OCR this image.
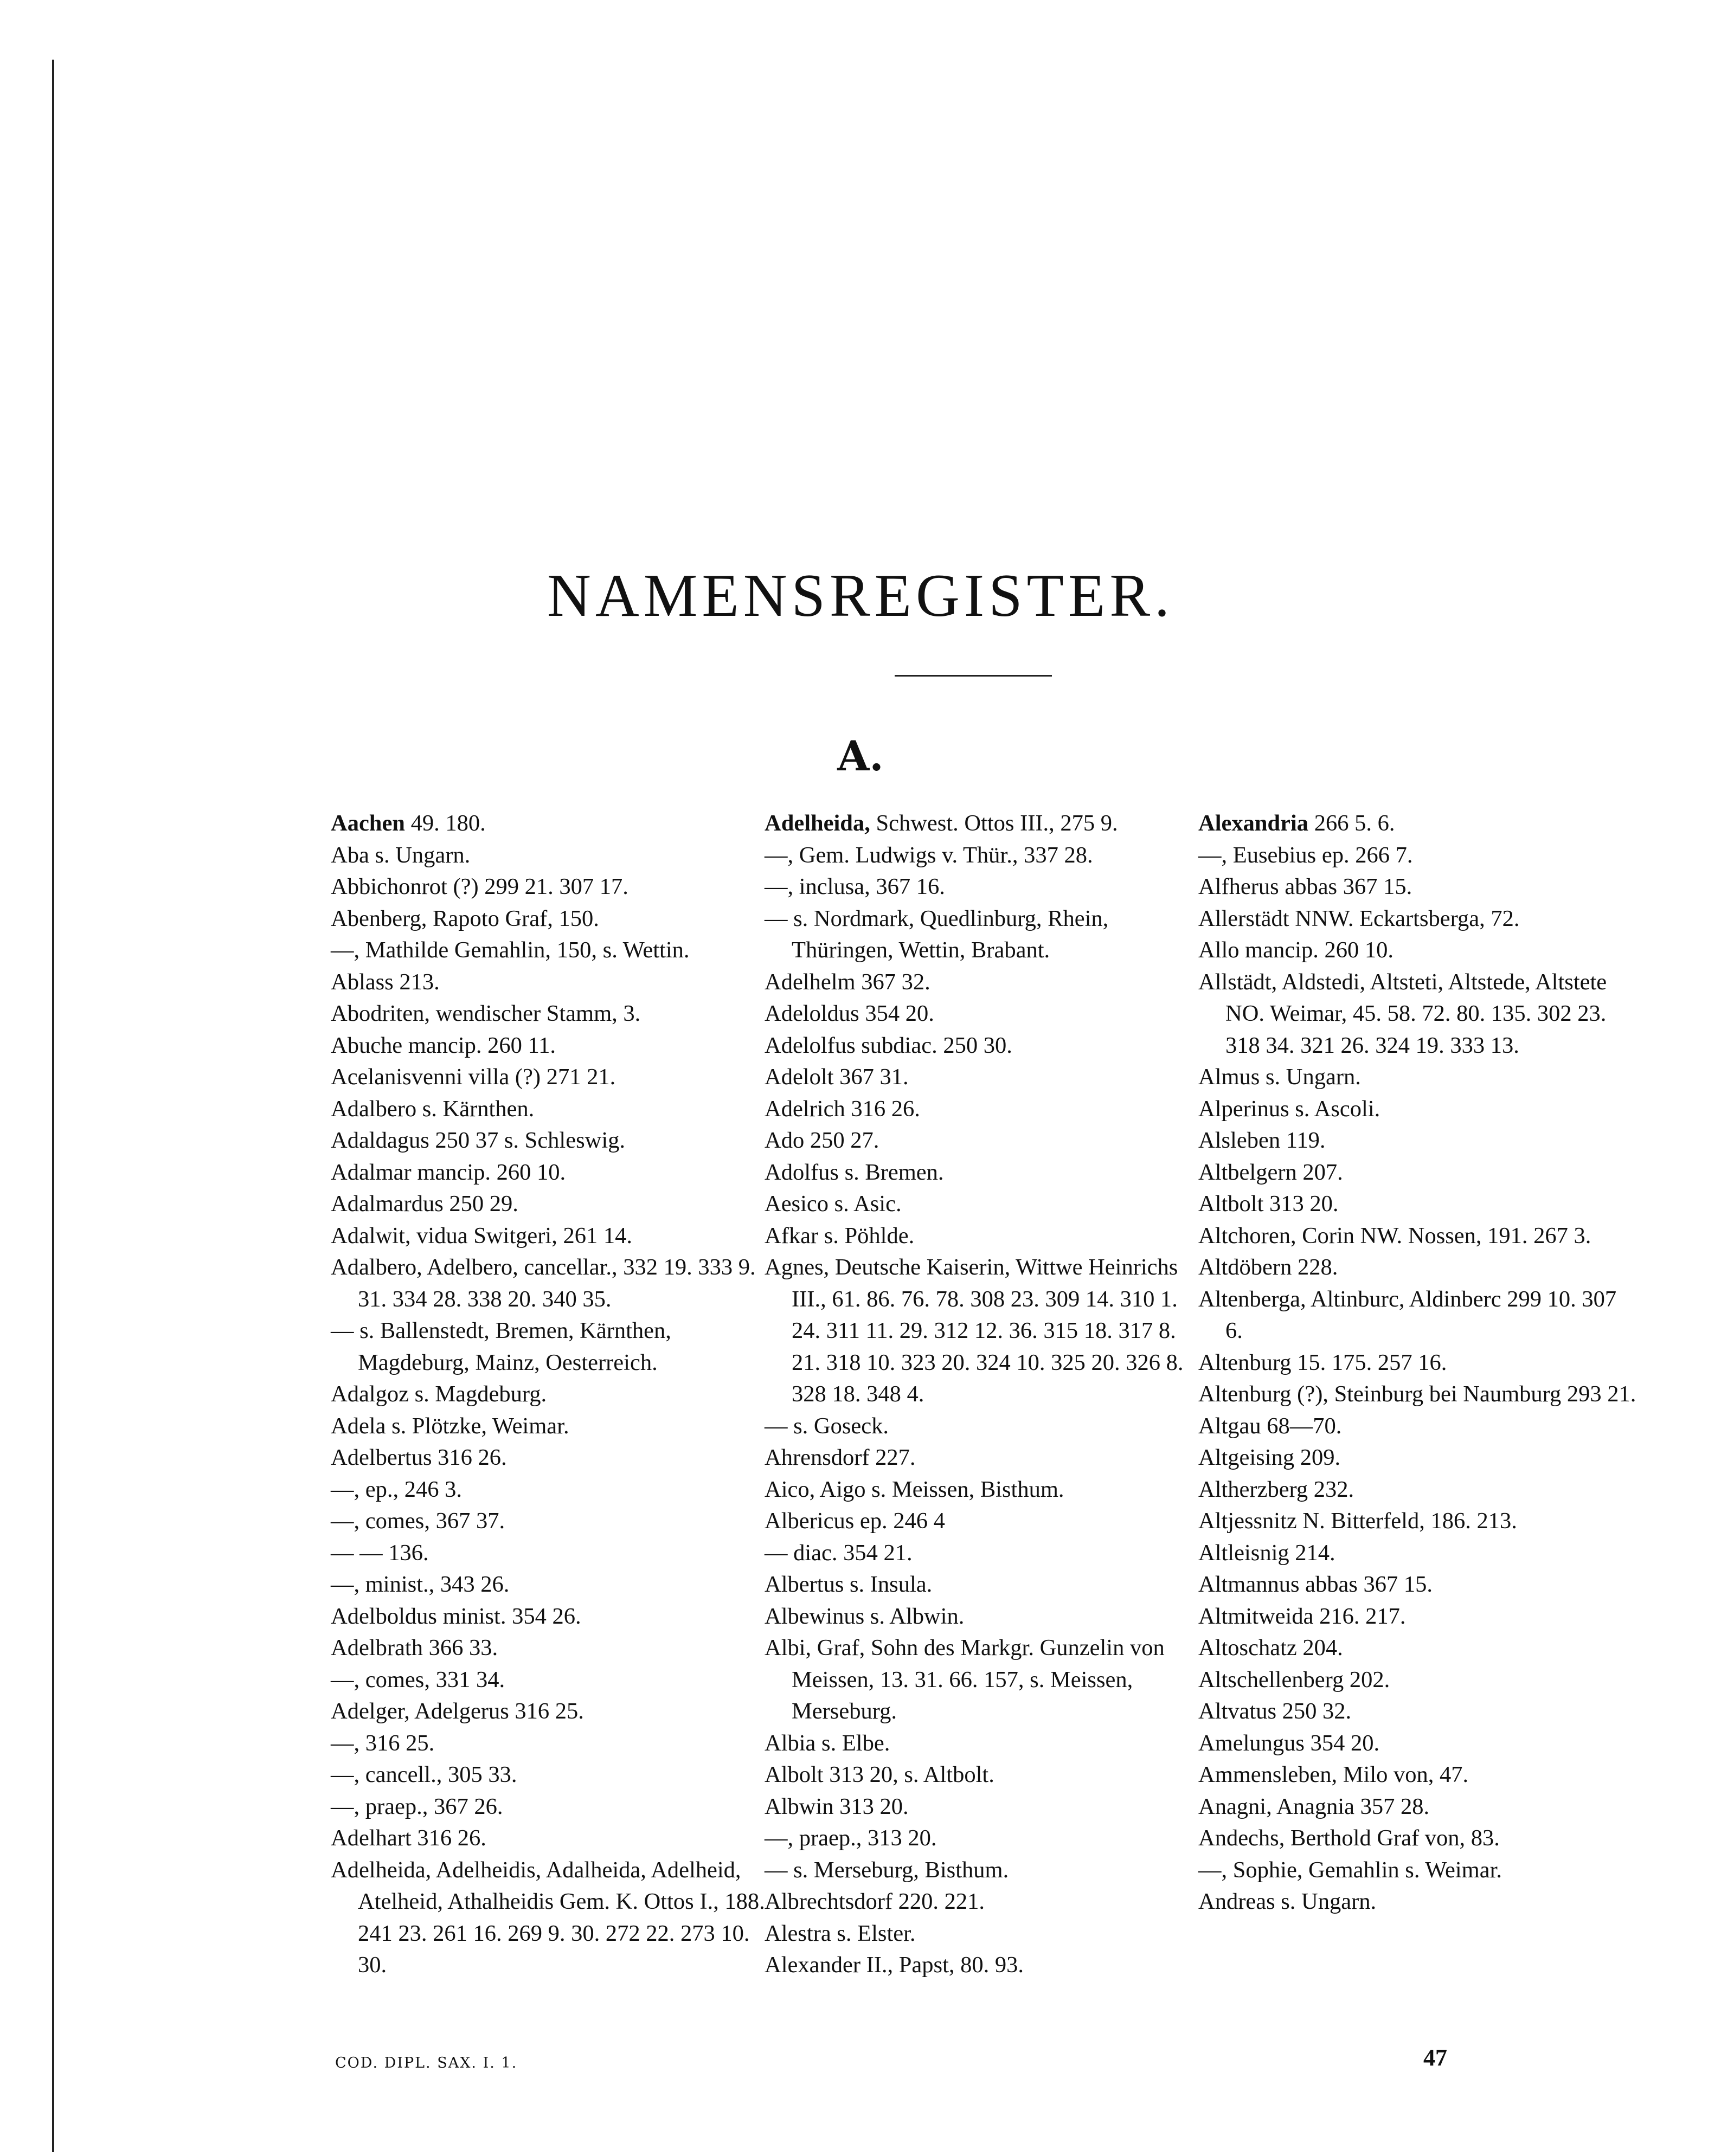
NAMENSREGISTER.
A.
Aachen 49. 180.
Aba s. Ungarn.
Abbichonrot (?) 299 21. 307 17.
Abenberg, Rapoto Graf, 150.
—, Mathilde Gemahlin, 150, s. Wettin.
Ablass 213.
Abodriten, wendischer Stamm, 3.
Abuche mancip. 260 11.
Acelanisvenni villa (?) 271 21.
Adalbero s. Kärnthen.
Adaldagus 250 37 s. Schleswig.
Adalmar mancip. 260 10.
Adalmardus 250 29.
Adalwit, vidua Switgeri, 261 14.
Adalbero, Adelbero, cancellar., 332 19. 333 9. 31. 334 28. 338 20. 340 35.
— s. Ballenstedt, Bremen, Kärnthen, Magdeburg, Mainz, Oesterreich.
Adalgoz s. Magdeburg.
Adela s. Plötzke, Weimar.
Adelbertus 316 26.
—, ep., 246 3.
—, comes, 367 37.
— — 136.
—, minist., 343 26.
Adelboldus minist. 354 26.
Adelbrath 366 33.
—, comes, 331 34.
Adelger, Adelgerus 316 25.
—, 316 25.
—, cancell., 305 33.
—, praep., 367 26.
Adelhart 316 26.
Adelheida, Adelheidis, Adalheida, Adelheid, Atelheid, Athalheidis Gem. K. Ottos I., 188. 241 23. 261 16. 269 9. 30. 272 22. 273 10. 30.
Adelheida, Schwest. Ottos III., 275 9.
—, Gem. Ludwigs v. Thür., 337 28.
—, inclusa, 367 16.
— s. Nordmark, Quedlinburg, Rhein, Thüringen, Wettin, Brabant.
Adelhelm 367 32.
Adeloldus 354 20.
Adelolfus subdiac. 250 30.
Adelolt 367 31.
Adelrich 316 26.
Ado 250 27.
Adolfus s. Bremen.
Aesico s. Asic.
Afkar s. Pöhlde.
Agnes, Deutsche Kaiserin, Wittwe Heinrichs III., 61. 86. 76. 78. 308 23. 309 14. 310 1. 24. 311 11. 29. 312 12. 36. 315 18. 317 8. 21. 318 10. 323 20. 324 10. 325 20. 326 8. 328 18. 348 4.
— s. Goseck.
Ahrensdorf 227.
Aico, Aigo s. Meissen, Bisthum.
Albericus ep. 246 4
— diac. 354 21.
Albertus s. Insula.
Albewinus s. Albwin.
Albi, Graf, Sohn des Markgr. Gunzelin von Meissen, 13. 31. 66. 157, s. Meissen, Merseburg.
Albia s. Elbe.
Albolt 313 20, s. Altbolt.
Albwin 313 20.
—, praep., 313 20.
— s. Merseburg, Bisthum.
Albrechtsdorf 220. 221.
Alestra s. Elster.
Alexander II., Papst, 80. 93.
Alexandria 266 5. 6.
—, Eusebius ep. 266 7.
Alfherus abbas 367 15.
Allerstädt NNW. Eckartsberga, 72.
Allo mancip. 260 10.
Allstädt, Aldstedi, Altsteti, Altstede, Altstete NO. Weimar, 45. 58. 72. 80. 135. 302 23. 318 34. 321 26. 324 19. 333 13.
Almus s. Ungarn.
Alperinus s. Ascoli.
Alsleben 119.
Altbelgern 207.
Altbolt 313 20.
Altchoren, Corin NW. Nossen, 191. 267 3.
Altdöbern 228.
Altenberga, Altinburc, Aldinberc 299 10. 307 6.
Altenburg 15. 175. 257 16.
Altenburg (?), Steinburg bei Naumburg 293 21.
Altgau 68—70.
Altgeising 209.
Altherzberg 232.
Altjessnitz N. Bitterfeld, 186. 213.
Altleisnig 214.
Altmannus abbas 367 15.
Altmitweida 216. 217.
Altoschatz 204.
Altschellenberg 202.
Altvatus 250 32.
Amelungus 354 20.
Ammensleben, Milo von, 47.
Anagni, Anagnia 357 28.
Andechs, Berthold Graf von, 83.
—, Sophie, Gemahlin s. Weimar.
Andreas s. Ungarn.
COD. DIPL. SAX. I. 1.	47
